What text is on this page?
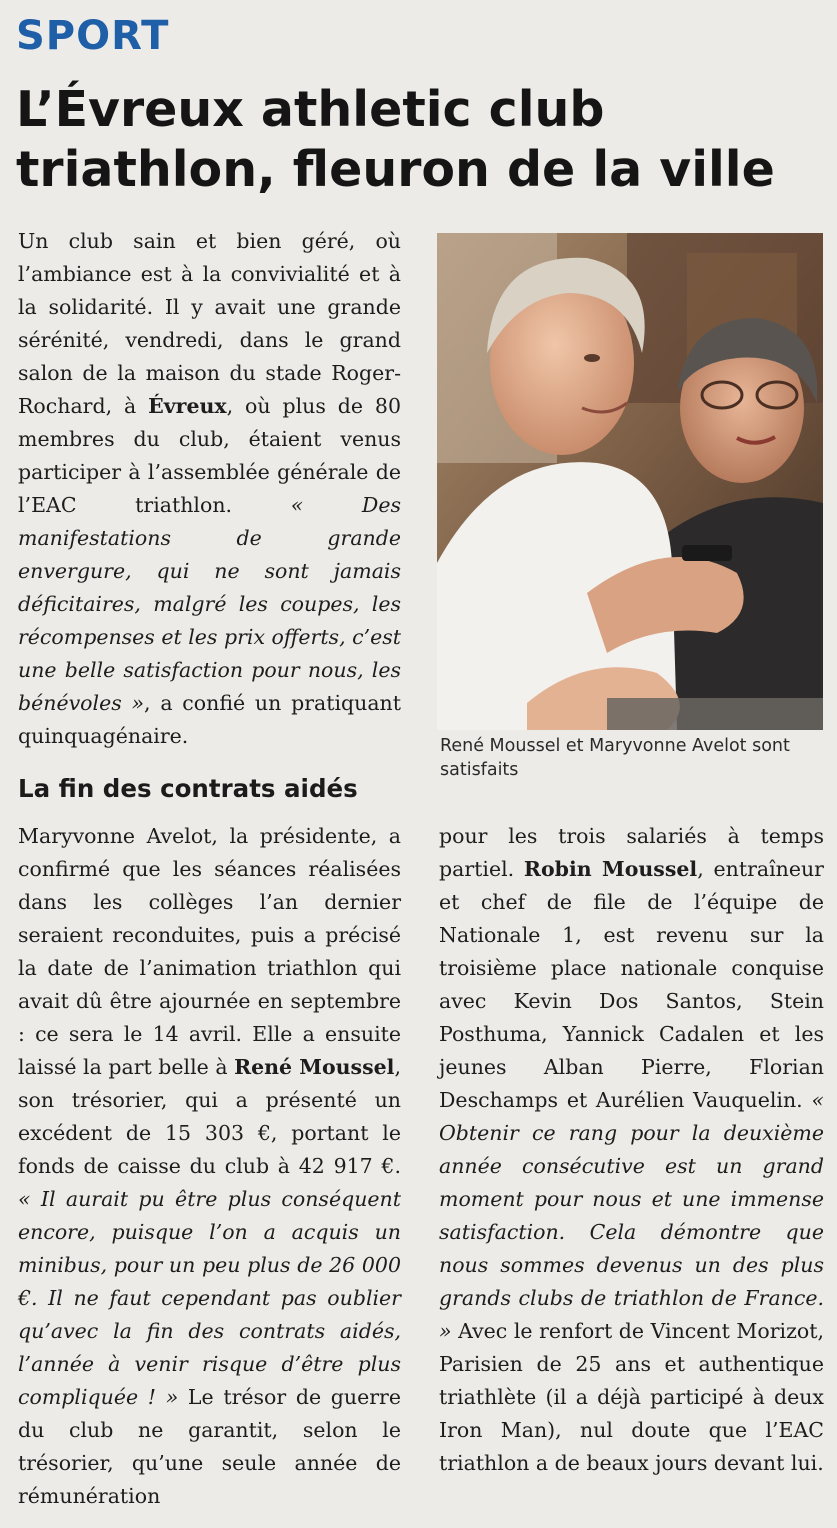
SPORT
L’Évreux athletic club triathlon, fleuron de la ville

Un club sain et bien géré, où l’ambiance est à la convivialité et à la solidarité. Il y avait une grande sérénité, vendredi, dans le grand salon de la maison du stade Roger-Rochard, à Évreux, où plus de 80 membres du club, étaient venus participer à l’assemblée générale de l’EAC triathlon. « Des manifestations de grande envergure, qui ne sont jamais déficitaires, malgré les coupes, les récompenses et les prix offerts, c’est une belle satisfaction pour nous, les bénévoles », a confié un pratiquant quinquagénaire.	René Moussel et Maryvonne Avelot sont satisfaits
La fin des contrats aidés

Maryvonne Avelot, la présidente, a confirmé que les séances réalisées dans les collèges l’an dernier seraient reconduites, puis a précisé la date de l’animation triathlon qui avait dû être ajournée en septembre : ce sera le 14 avril. Elle a ensuite laissé la part belle à René Moussel, son trésorier, qui a présenté un excédent de 15 303 €, portant le fonds de caisse du club à 42 917 €. « Il aurait pu être plus conséquent encore, puisque l’on a acquis un minibus, pour un peu plus de 26 000 €. Il ne faut cependant pas oublier qu’avec la fin des contrats aidés, l’année à venir risque d’être plus compliquée ! » Le trésor de guerre du club ne garantit, selon le trésorier, qu’une seule année de rémunération

pour les trois salariés à temps partiel. Robin Moussel, entraîneur et chef de file de l’équipe de Nationale 1, est revenu sur la troisième place nationale conquise avec Kevin Dos Santos, Stein Posthuma, Yannick Cadalen et les jeunes Alban Pierre, Florian Deschamps et Aurélien Vauquelin. « Obtenir ce rang pour la deuxième année consécutive est un grand moment pour nous et une immense satisfaction. Cela démontre que nous sommes devenus un des plus grands clubs de triathlon de France. » Avec le renfort de Vincent Morizot, Parisien de 25 ans et authentique triathlète (il a déjà participé à deux Iron Man), nul doute que l’EAC triathlon a de beaux jours devant lui.
